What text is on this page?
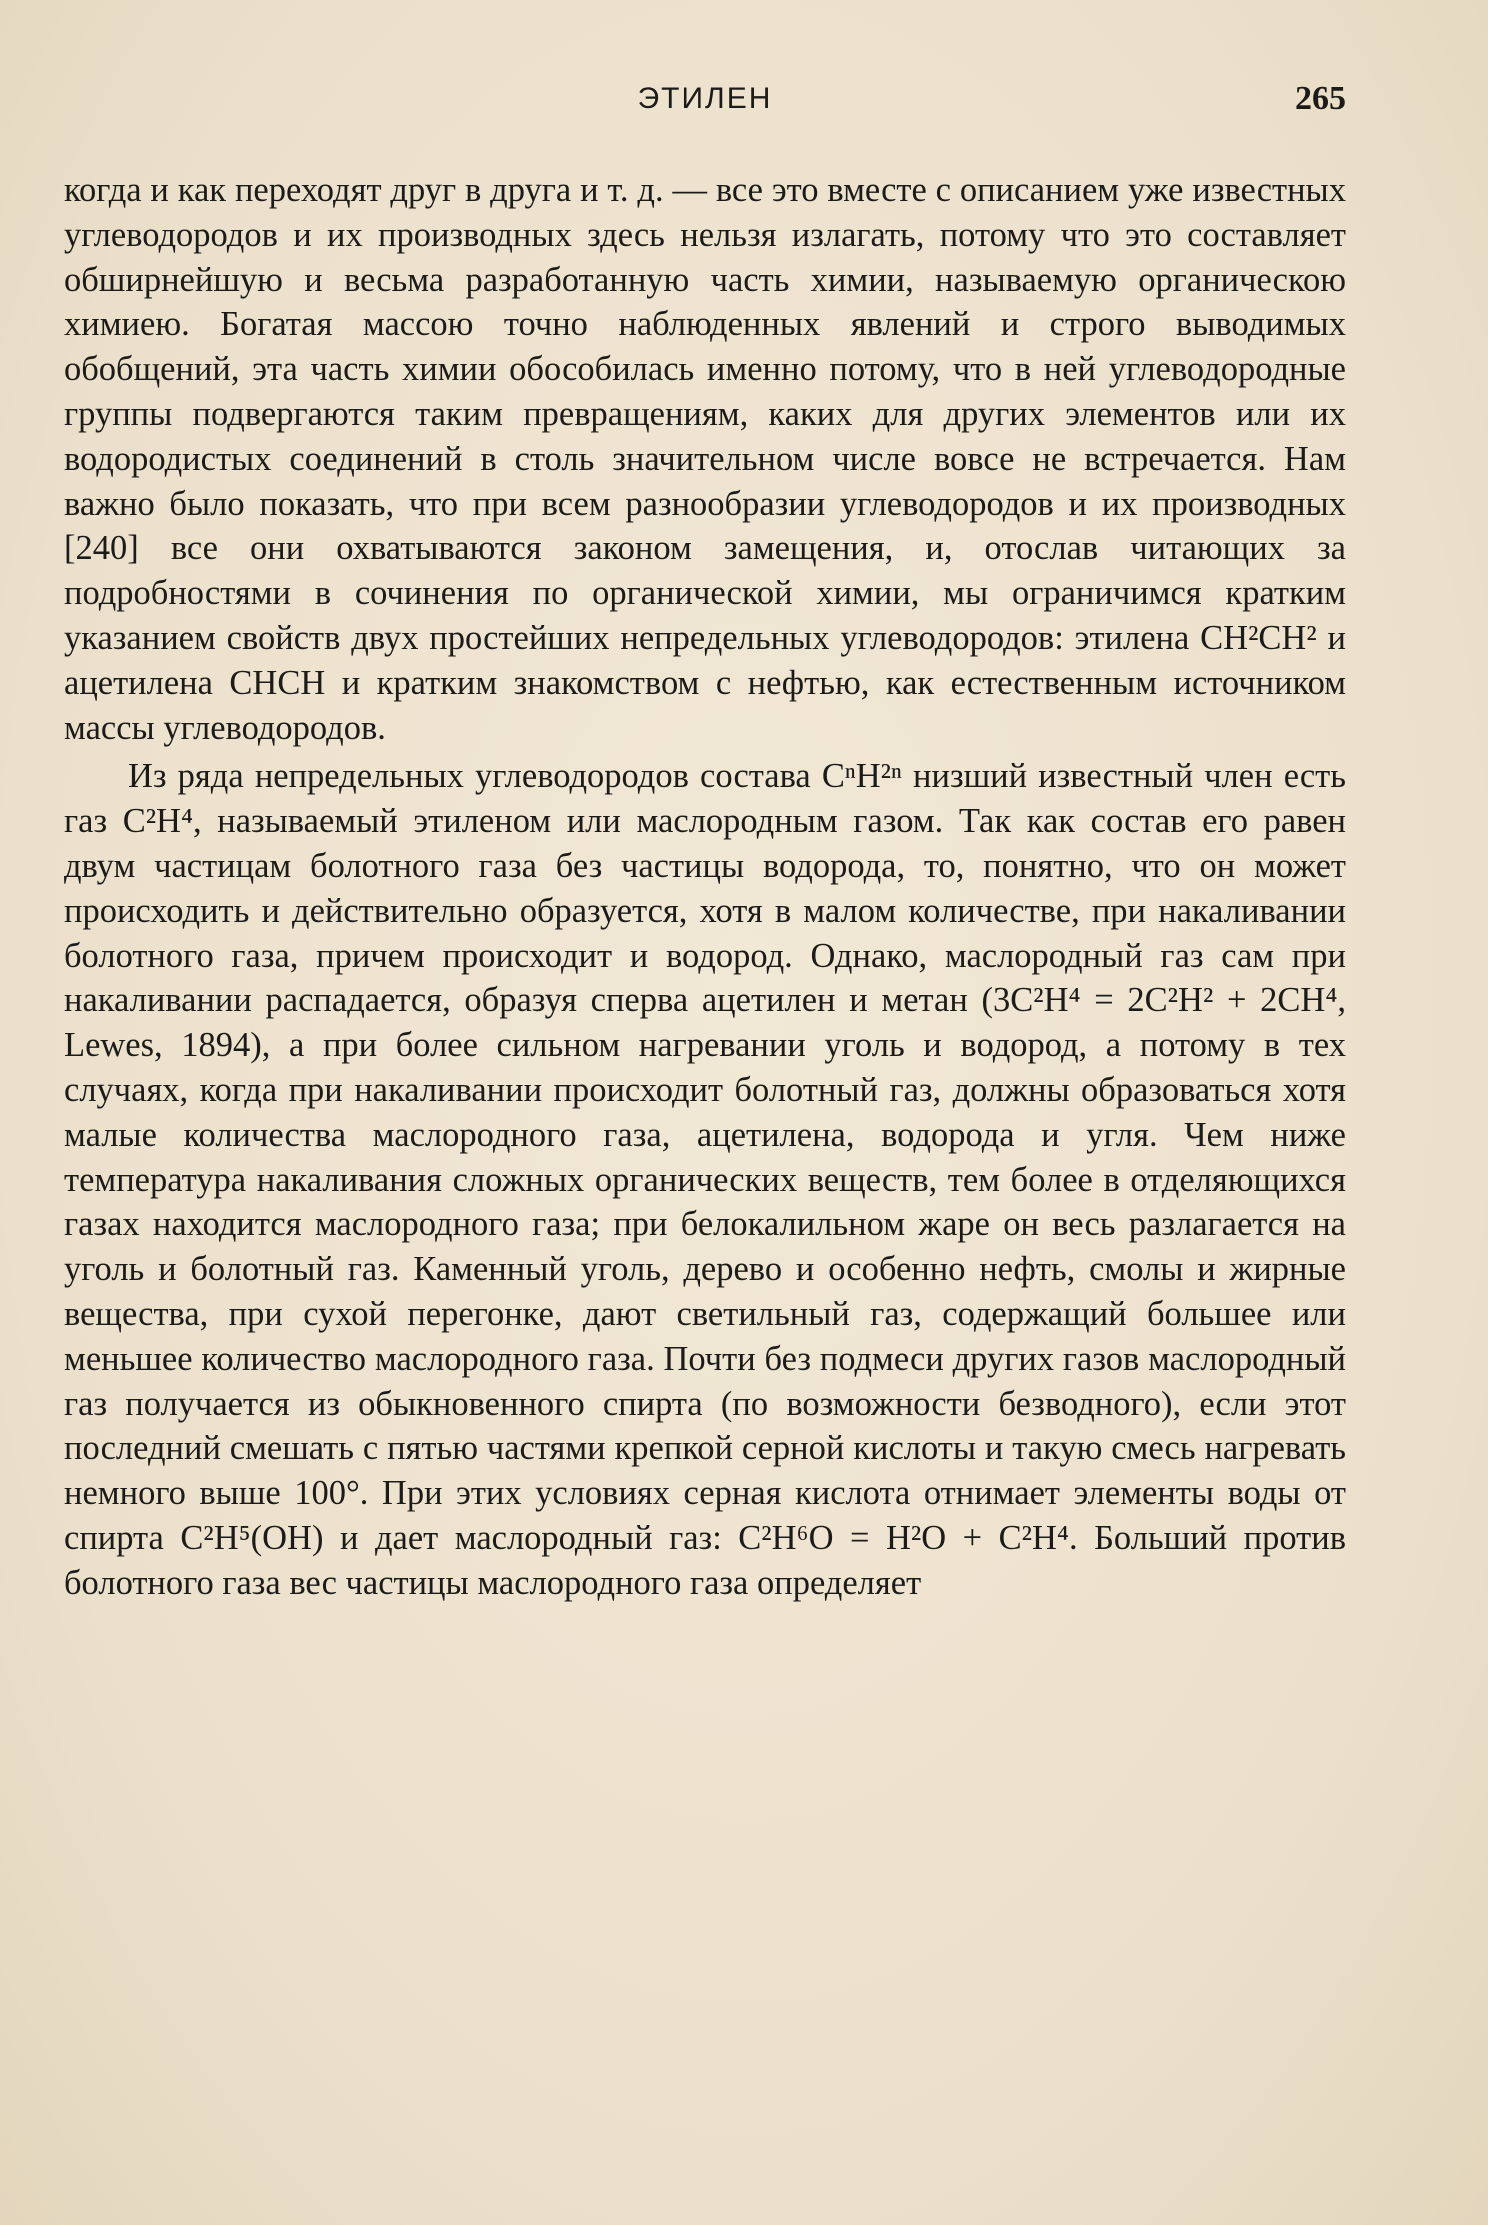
ЭТИЛЕН	265

когда и как переходят друг в друга и т. д. — все это вместе с описанием уже известных углеводородов и их производных здесь нельзя излагать, потому что это составляет обширнейшую и весьма разработанную часть химии, называемую органическою химиею. Богатая массою точно наблюденных явлений и строго выводимых обобщений, эта часть химии обособилась именно потому, что в ней углеводородные группы подвергаются таким превращениям, каких для других элементов или их водородистых соединений в столь значительном числе вовсе не встречается. Нам важно было показать, что при всем разнообразии углеводородов и их производных [240] все они охватываются законом замещения, и, отослав читающих за подробностями в сочинения по органической химии, мы ограничимся кратким указанием свойств двух простейших непредельных углеводородов: этилена CH²CH² и ацетилена CHCH и кратким знакомством с нефтью, как естественным источником массы углеводородов.

Из ряда непредельных углеводородов состава CⁿH²ⁿ низший известный член есть газ C²H⁴, называемый этиленом или маслородным газом. Так как состав его равен двум частицам болотного газа без частицы водорода, то, понятно, что он может происходить и действительно образуется, хотя в малом количестве, при накаливании болотного газа, причем происходит и водород. Однако, маслородный газ сам при накаливании распадается, образуя сперва ацетилен и метан (3C²H⁴ = 2C²H² + 2CH⁴, Lewes, 1894), а при более сильном нагревании уголь и водород, а потому в тех случаях, когда при накаливании происходит болотный газ, должны образоваться хотя малые количества маслородного газа, ацетилена, водорода и угля. Чем ниже температура накаливания сложных органических веществ, тем более в отделяющихся газах находится маслородного газа; при белокалильном жаре он весь разлагается на уголь и болотный газ. Каменный уголь, дерево и особенно нефть, смолы и жирные вещества, при сухой перегонке, дают светильный газ, содержащий большее или меньшее количество маслородного газа. Почти без подмеси других газов маслородный газ получается из обыкновенного спирта (по возможности безводного), если этот последний смешать с пятью частями крепкой серной кислоты и такую смесь нагревать немного выше 100°. При этих условиях серная кислота отнимает элементы воды от спирта C²H⁵(OH) и дает маслородный газ: C²H⁶O = H²O + C²H⁴. Больший против болотного газа вес частицы маслородного газа определяет
